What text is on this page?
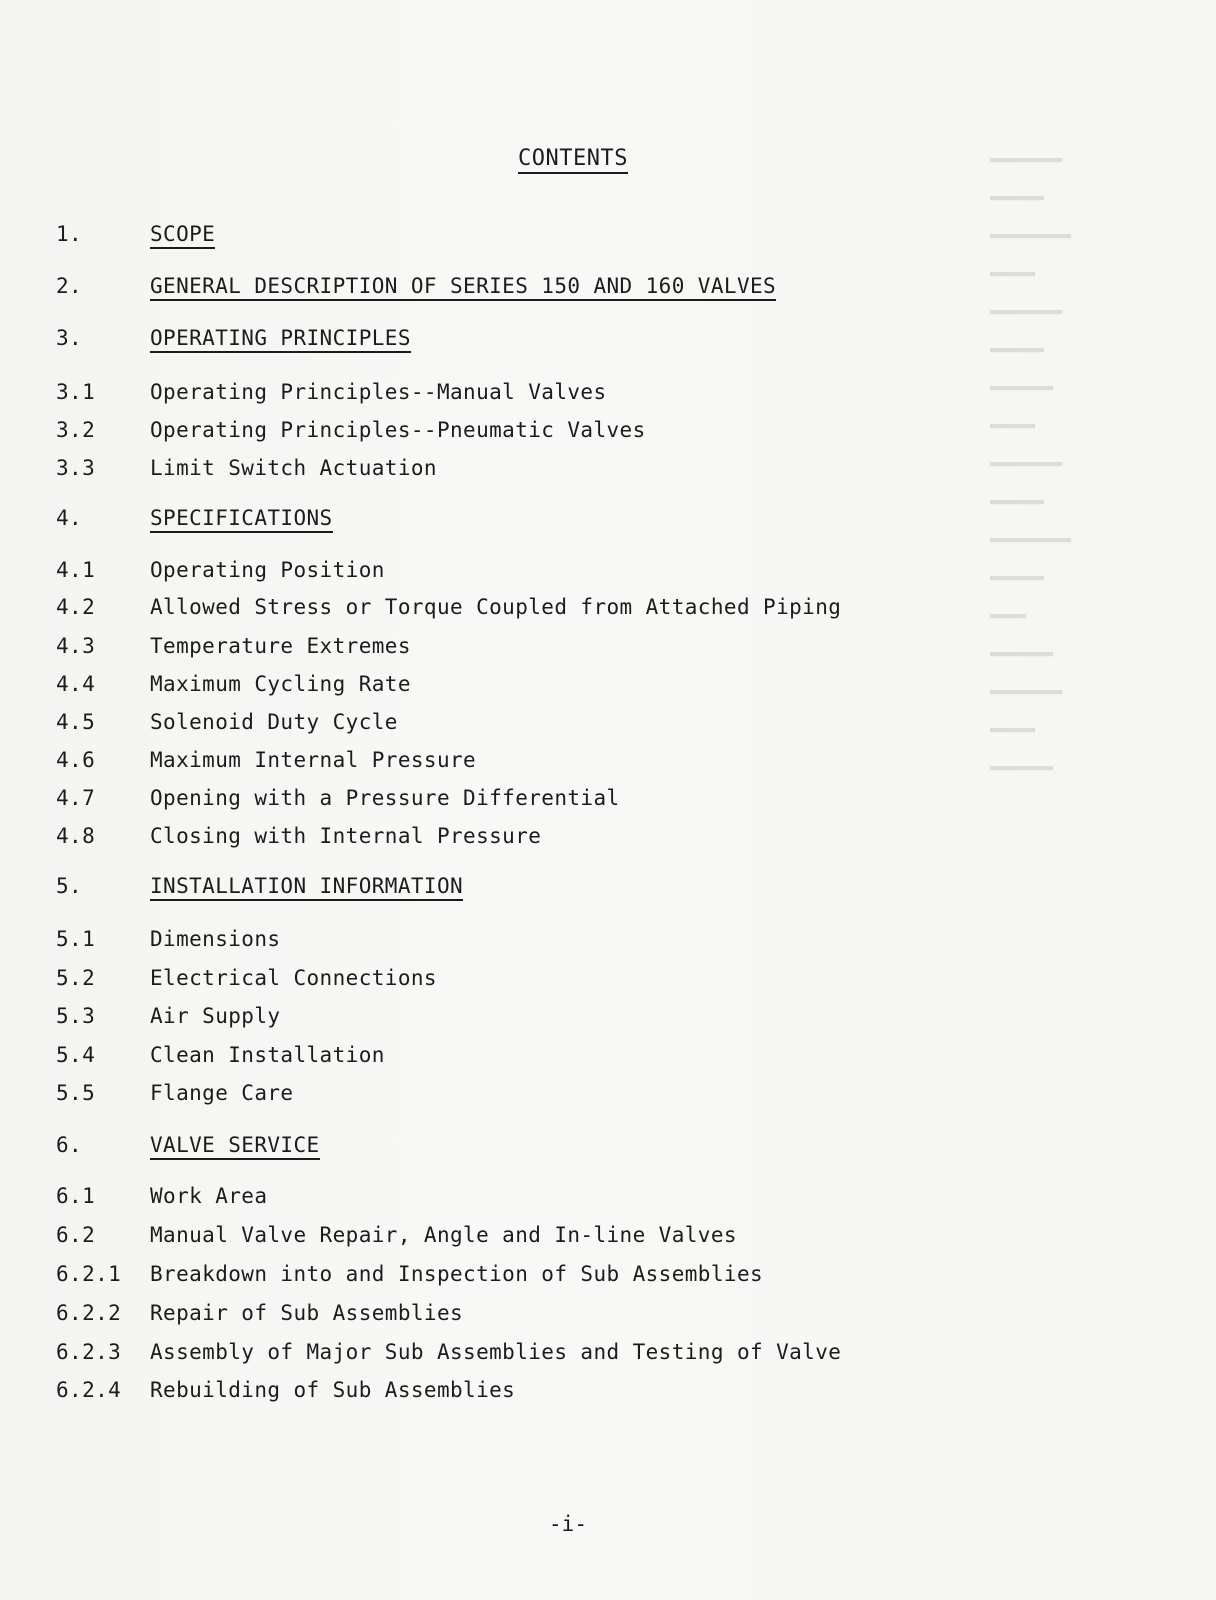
▬▬▬▬▬▬▬▬
▬▬▬▬▬▬
▬▬▬▬▬▬▬▬▬
▬▬▬▬▬
▬▬▬▬▬▬▬▬
▬▬▬▬▬▬
▬▬▬▬▬▬▬
▬▬▬▬▬
▬▬▬▬▬▬▬▬
▬▬▬▬▬▬
▬▬▬▬▬▬▬▬▬
▬▬▬▬▬▬
▬▬▬▬
▬▬▬▬▬▬▬
▬▬▬▬▬▬▬▬
▬▬▬▬▬
▬▬▬▬▬▬▬
CONTENTS
1.	SCOPE
2.	GENERAL DESCRIPTION OF SERIES 150 AND 160 VALVES
3.	OPERATING PRINCIPLES
3.1	Operating Principles--Manual Valves
3.2	Operating Principles--Pneumatic Valves
3.3	Limit Switch Actuation
4.	SPECIFICATIONS
4.1	Operating Position
4.2	Allowed Stress or Torque Coupled from Attached Piping
4.3	Temperature Extremes
4.4	Maximum Cycling Rate
4.5	Solenoid Duty Cycle
4.6	Maximum Internal Pressure
4.7	Opening with a Pressure Differential
4.8	Closing with Internal Pressure
5.	INSTALLATION INFORMATION
5.1	Dimensions
5.2	Electrical Connections
5.3	Air Supply
5.4	Clean Installation
5.5	Flange Care
6.	VALVE SERVICE
6.1	Work Area
6.2	Manual Valve Repair, Angle and In-line Valves
6.2.1 Breakdown into and Inspection of Sub Assemblies
6.2.2 Repair of Sub Assemblies
6.2.3 Assembly of Major Sub Assemblies and Testing of Valve
6.2.4 Rebuilding of Sub Assemblies
-i-
